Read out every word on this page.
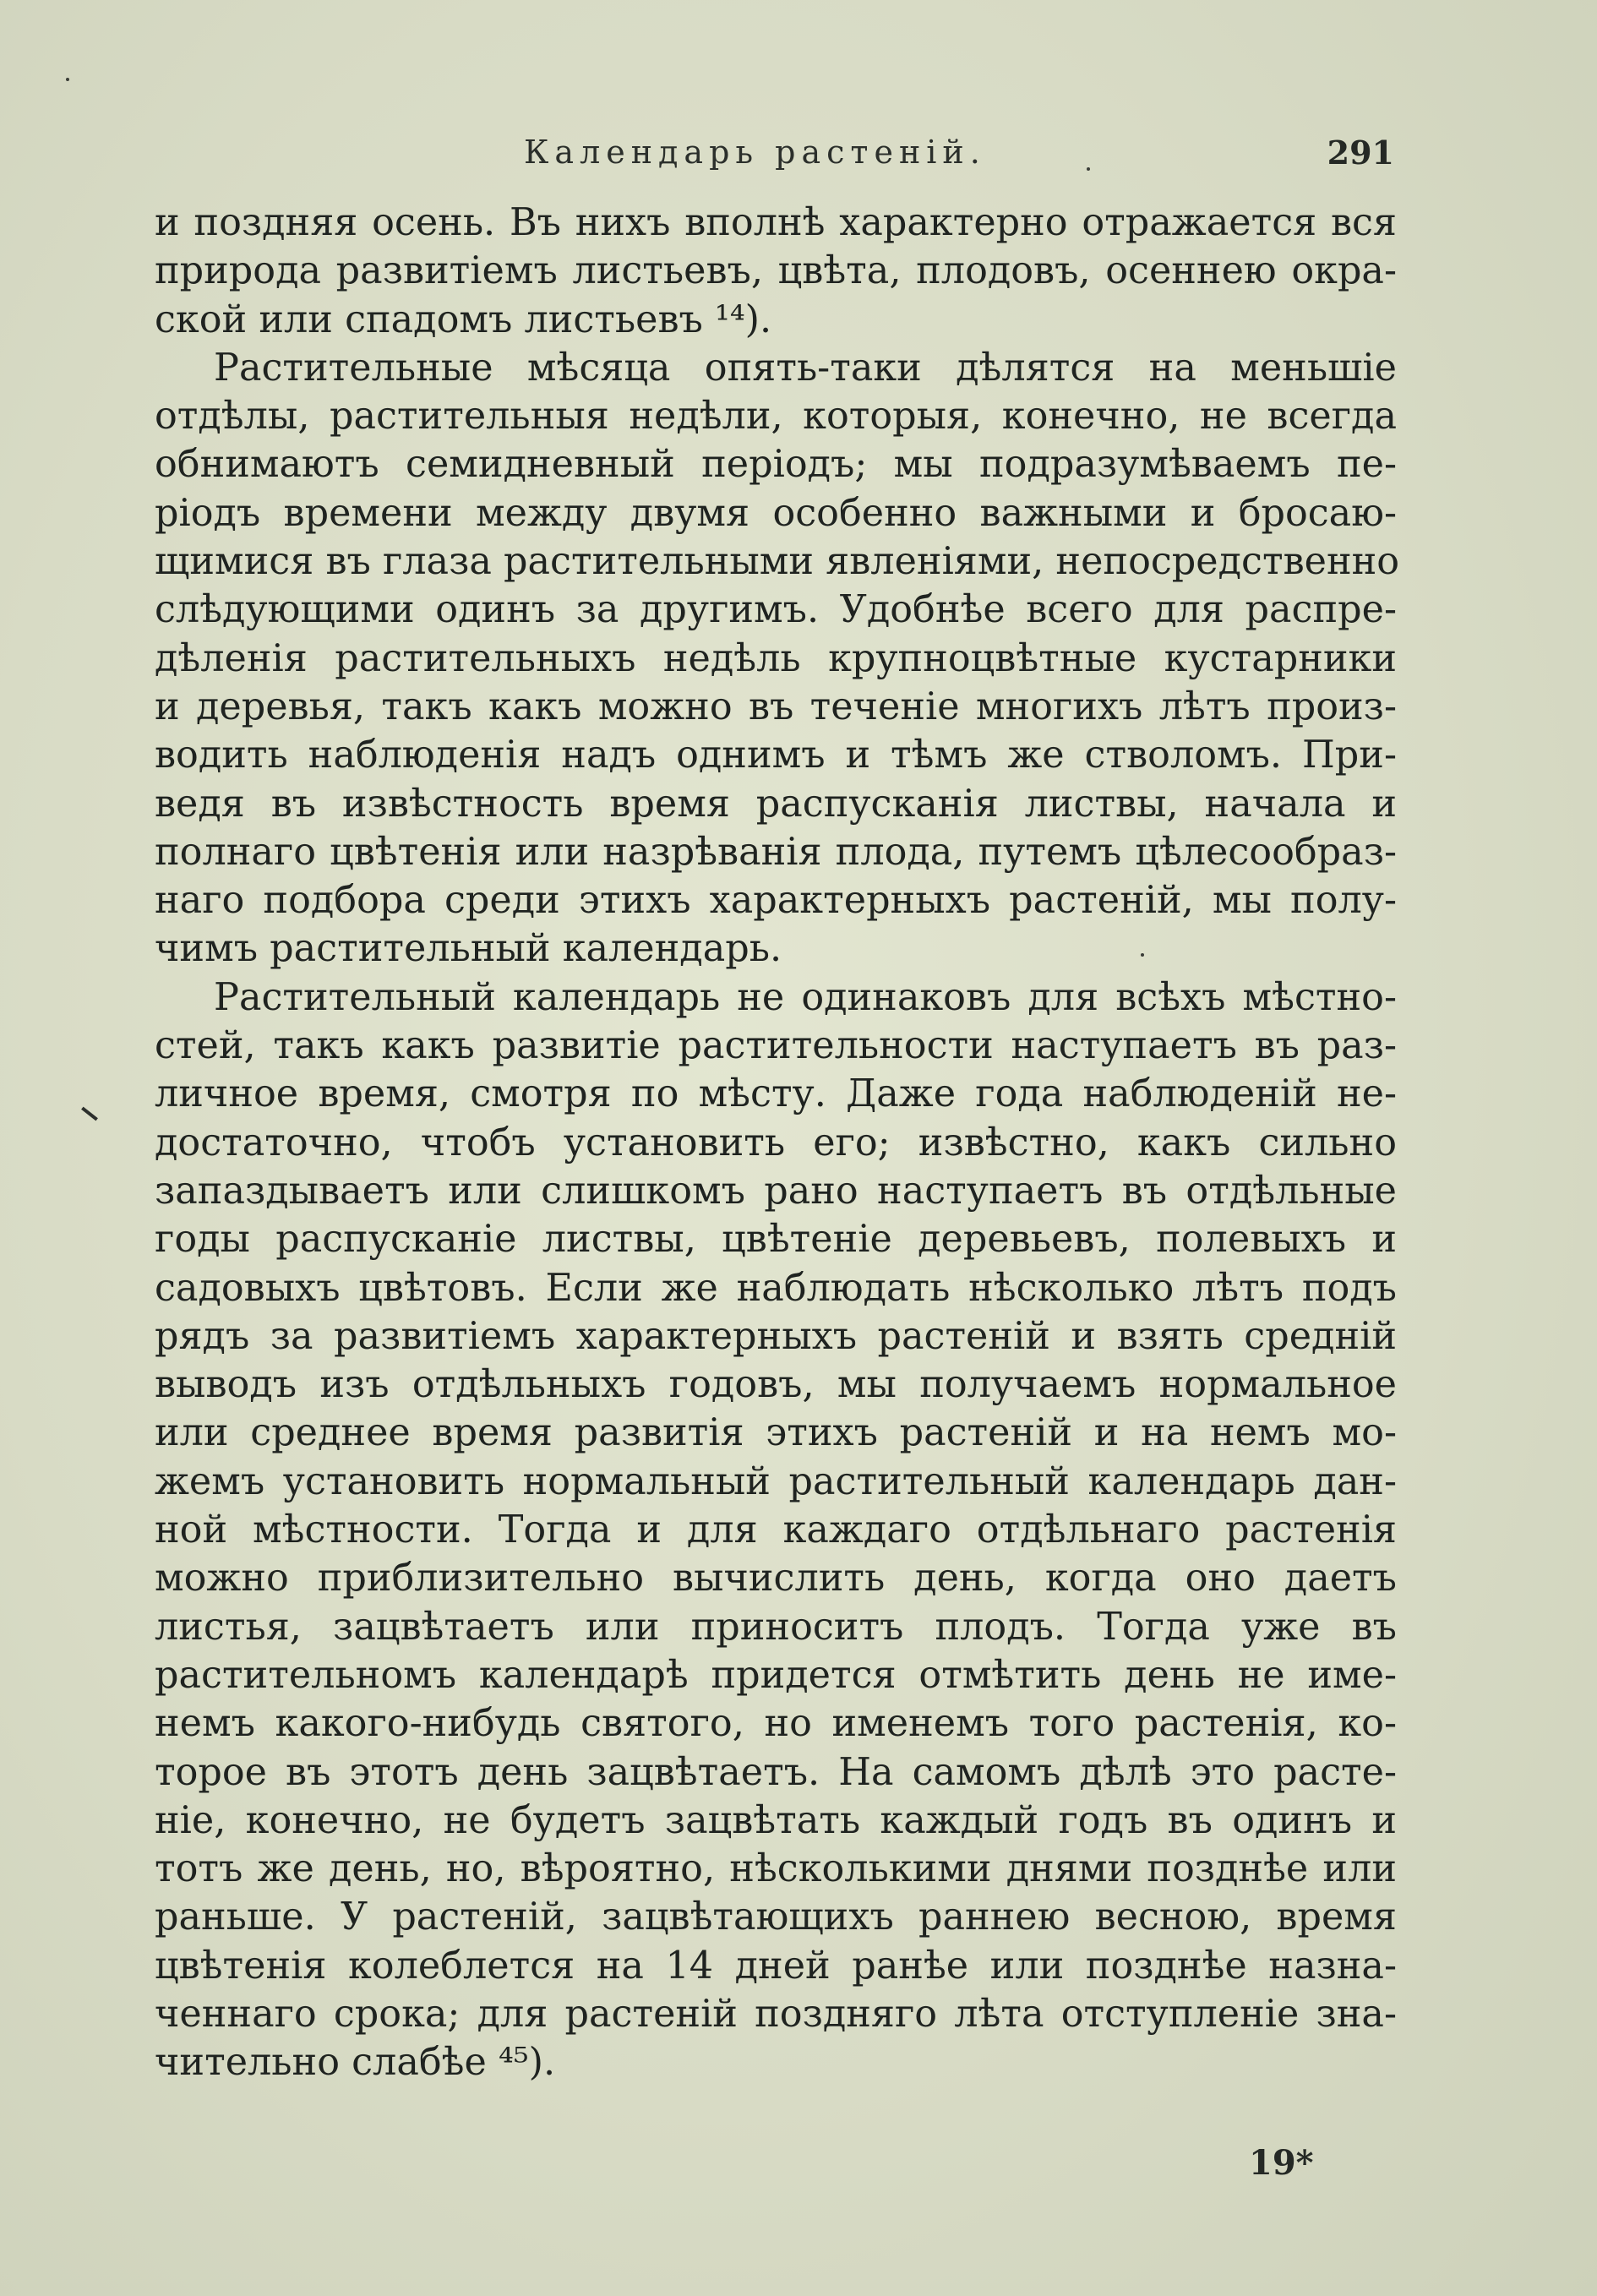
Календарь растеній.	291
и поздняя осень. Въ нихъ вполнѣ характерно отражается вся
природа развитіемъ листьевъ, цвѣта, плодовъ, осеннею окра-
ской или спадомъ листьевъ ¹⁴).
Растительные мѣсяца опять-таки дѣлятся на меньшіе
отдѣлы, растительныя недѣли, которыя, конечно, не всегда
обнимаютъ семидневный періодъ; мы подразумѣваемъ пе-
ріодъ времени между двумя особенно важными и бросаю-
щимися въ глаза растительными явленіями, непосредственно
слѣдующими одинъ за другимъ. Удобнѣе всего для распре-
дѣленія растительныхъ недѣль крупноцвѣтные кустарники
и деревья, такъ какъ можно въ теченіе многихъ лѣтъ произ-
водить наблюденія надъ однимъ и тѣмъ же стволомъ. При-
ведя въ извѣстность время распусканія листвы, начала и
полнаго цвѣтенія или назрѣванія плода, путемъ цѣлесообраз-
наго подбора среди этихъ характерныхъ растеній, мы полу-
чимъ растительный календарь.
Растительный календарь не одинаковъ для всѣхъ мѣстно-
стей, такъ какъ развитіе растительности наступаетъ въ раз-
личное время, смотря по мѣсту. Даже года наблюденій не-
достаточно, чтобъ установить его; извѣстно, какъ сильно
запаздываетъ или слишкомъ рано наступаетъ въ отдѣльные
годы распусканіе листвы, цвѣтеніе деревьевъ, полевыхъ и
садовыхъ цвѣтовъ. Если же наблюдать нѣсколько лѣтъ подъ
рядъ за развитіемъ характерныхъ растеній и взять средній
выводъ изъ отдѣльныхъ годовъ, мы получаемъ нормальное
или среднее время развитія этихъ растеній и на немъ мо-
жемъ установить нормальный растительный календарь дан-
ной мѣстности. Тогда и для каждаго отдѣльнаго растенія
можно приблизительно вычислить день, когда оно даетъ
листья, зацвѣтаетъ или приноситъ плодъ. Тогда уже въ
растительномъ календарѣ придется отмѣтить день не име-
немъ какого-нибудь святого, но именемъ того растенія, ко-
торое въ этотъ день зацвѣтаетъ. На самомъ дѣлѣ это расте-
ніе, конечно, не будетъ зацвѣтать каждый годъ въ одинъ и
тотъ же день, но, вѣроятно, нѣсколькими днями позднѣе или
раньше. У растеній, зацвѣтающихъ раннею весною, время
цвѣтенія колеблется на 14 дней ранѣе или позднѣе назна-
ченнаго срока; для растеній поздняго лѣта отступленіе зна-
чительно слабѣе ⁴⁵).
19*
